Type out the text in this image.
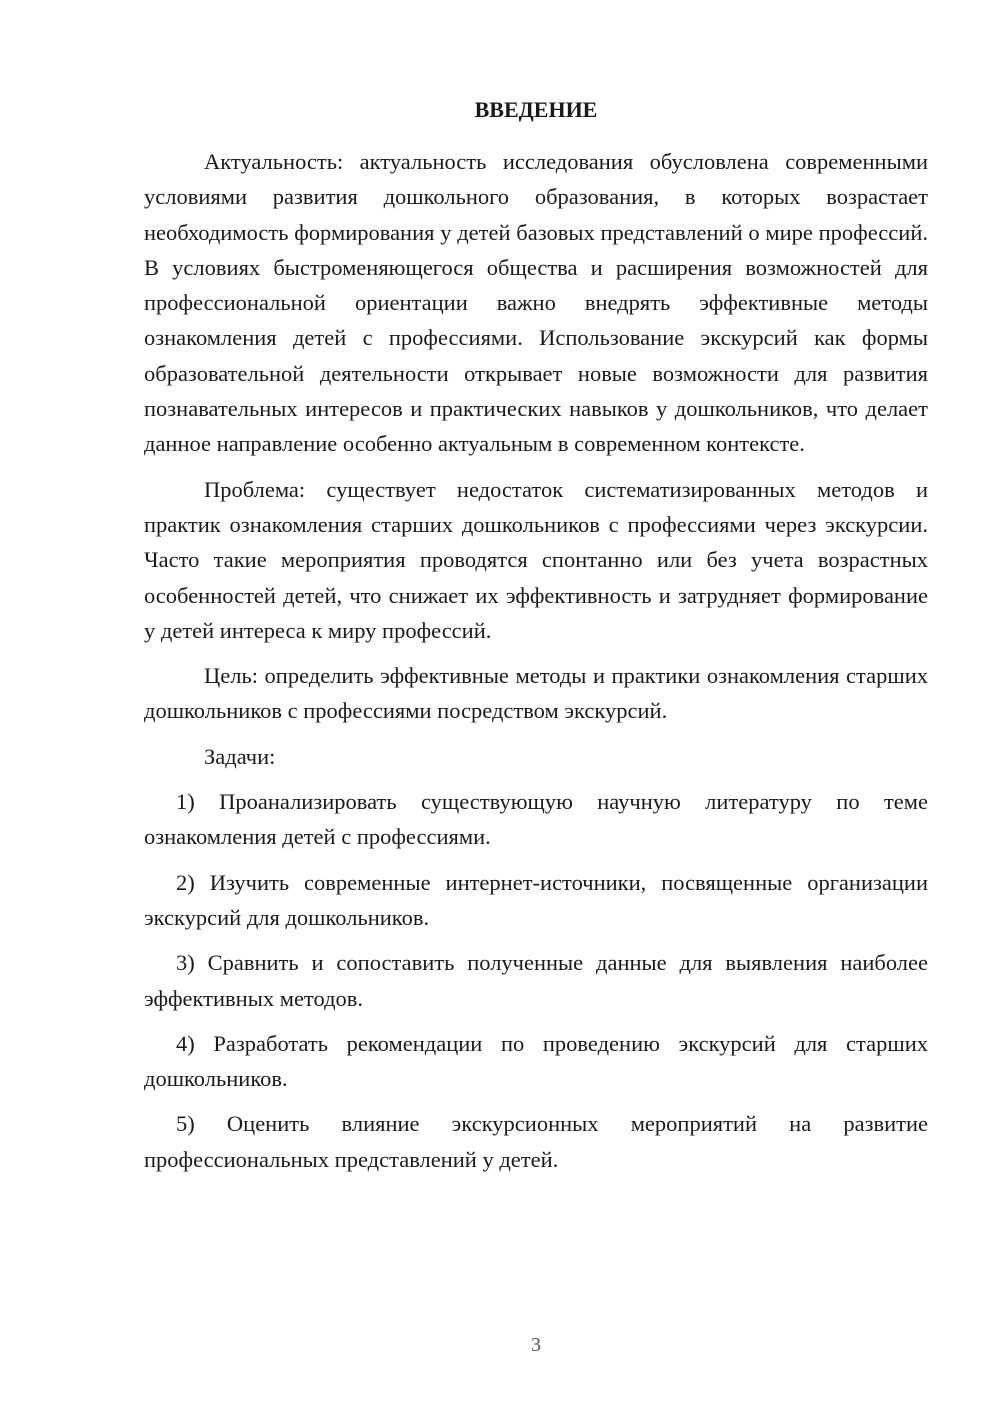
ВВЕДЕНИЕ

Актуальность: актуальность исследования обусловлена современными условиями развития дошкольного образования, в которых возрастает необходимость формирования у детей базовых представлений о мире профессий. В условиях быстроменяющегося общества и расширения возможностей для профессиональной ориентации важно внедрять эффективные методы ознакомления детей с профессиями. Использование экскурсий как формы образовательной деятельности открывает новые возможности для развития познавательных интересов и практических навыков у дошкольников, что делает данное направление особенно актуальным в современном контексте.

Проблема: существует недостаток систематизированных методов и практик ознакомления старших дошкольников с профессиями через экскурсии. Часто такие мероприятия проводятся спонтанно или без учета возрастных особенностей детей, что снижает их эффективность и затрудняет формирование у детей интереса к миру профессий.

Цель: определить эффективные методы и практики ознакомления старших дошкольников с профессиями посредством экскурсий.

Задачи:

1) Проанализировать существующую научную литературу по теме ознакомления детей с профессиями.

2) Изучить современные интернет-источники, посвященные организации экскурсий для дошкольников.

3) Сравнить и сопоставить полученные данные для выявления наиболее эффективных методов.

4) Разработать рекомендации по проведению экскурсий для старших дошкольников.

5) Оценить влияние экскурсионных мероприятий на развитие профессиональных представлений у детей.

3
